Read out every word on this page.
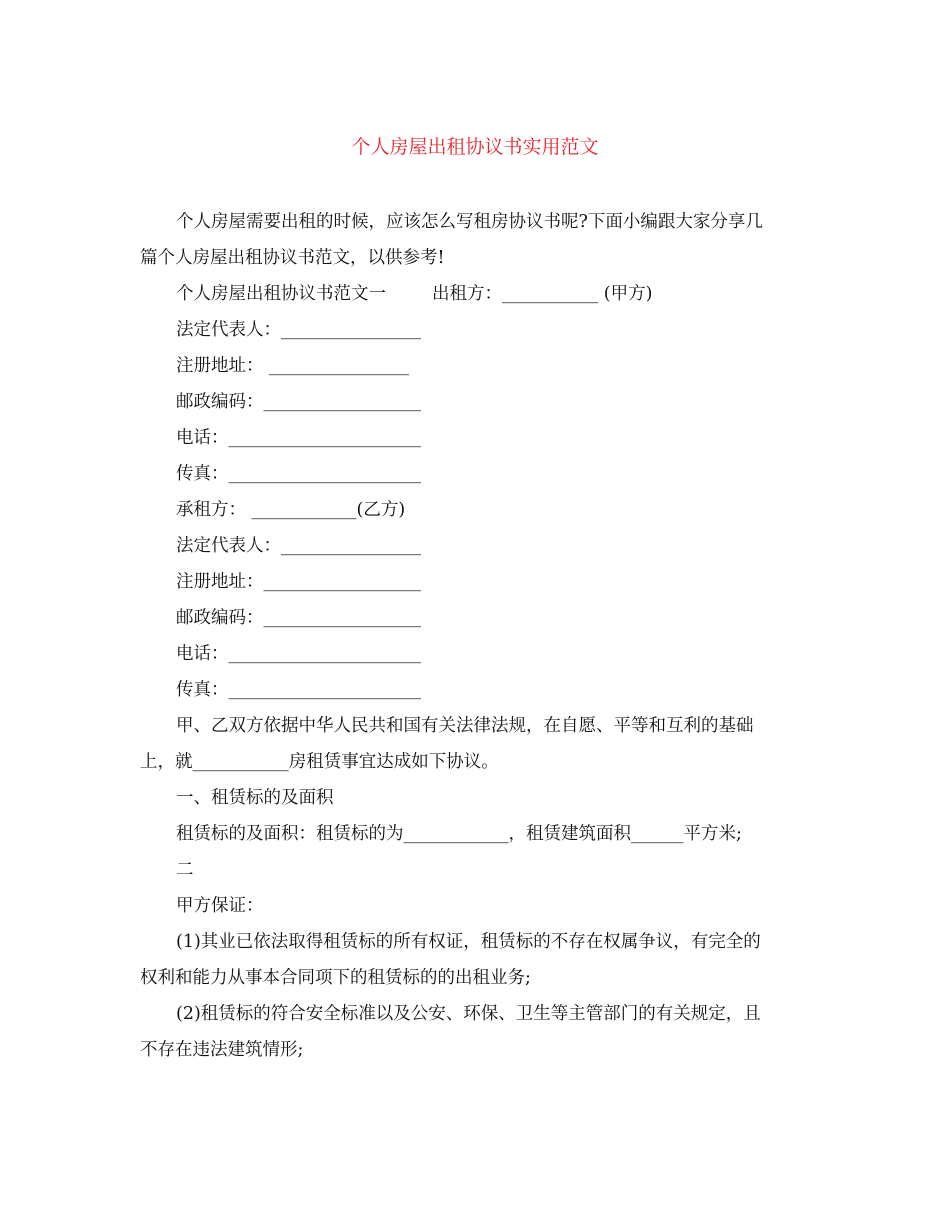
个人房屋出租协议书实用范文
个人房屋需要出租的时候，应该怎么写租房协议书呢?下面小编跟大家分享几
篇个人房屋出租协议书范文，以供参考!
个人房屋出租协议书范文一	出租方：___________ (甲方)
法定代表人：________________
注册地址： ________________
邮政编码：__________________
电话：______________________
传真：______________________
承租方： ____________(乙方)
法定代表人：________________
注册地址：__________________
邮政编码：__________________
电话：______________________
传真：______________________
甲、乙双方依据中华人民共和国有关法律法规，在自愿、平等和互利的基础
上，就___________房租赁事宜达成如下协议。
一、租赁标的及面积
租赁标的及面积：租赁标的为____________，租赁建筑面积______平方米;
二
甲方保证：
(1)其业已依法取得租赁标的所有权证，租赁标的不存在权属争议，有完全的
权利和能力从事本合同项下的租赁标的的出租业务;
(2)租赁标的符合安全标准以及公安、环保、卫生等主管部门的有关规定，且
不存在违法建筑情形;
